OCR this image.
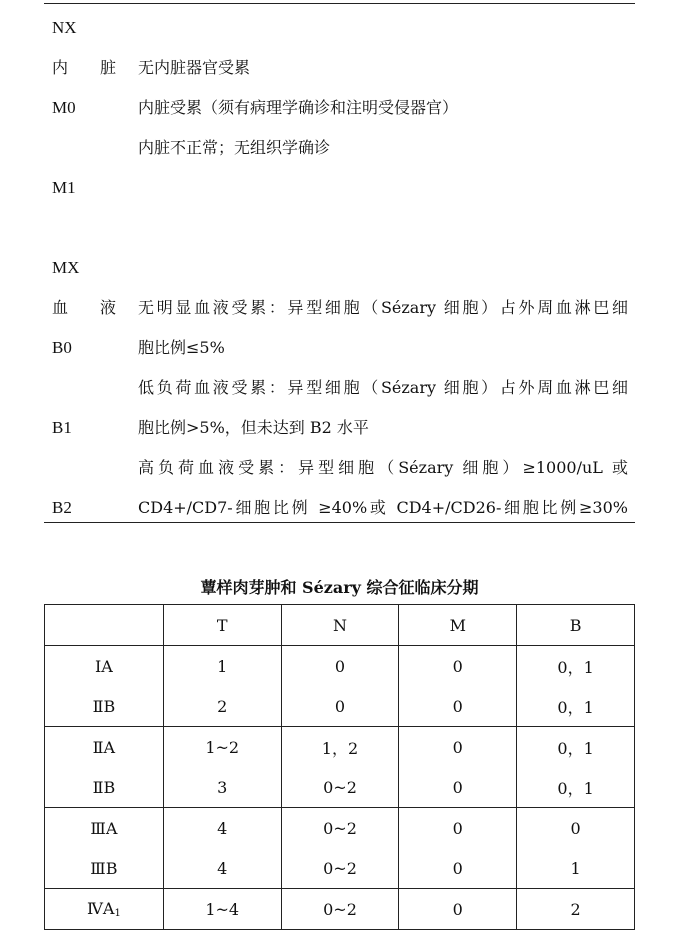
NX
内　　脏 无内脏器官受累
M0	内脏受累（须有病理学确诊和注明受侵器官）
内脏不正常；无组织学确诊
M1
MX
血　　液 无明显血液受累：异型细胞（Sézary 细胞）占外周血淋巴细
B0	胞比例≤5%
低负荷血液受累：异型细胞（Sézary 细胞）占外周血淋巴细
B1	胞比例>5%，但未达到 B2 水平
高负荷血液受累：异型细胞（Sézary 细胞）≥1000/uL 或
B2	CD4+/CD7-细胞比例 ≥40%或 CD4+/CD26-细胞比例≥30%
蕈样肉芽肿和 Sézary 综合征临床分期
	T	N	M	B
ⅠA	1	0	0	0，1
ⅡB	2	0	0	0，1
ⅡA	1~2	1，2	0	0，1
ⅡB	3	0~2	0	0，1
ⅢA	4	0~2	0	0
ⅢB	4	0~2	0	1
$ⅣA_1$	1~4	0~2	0	2
